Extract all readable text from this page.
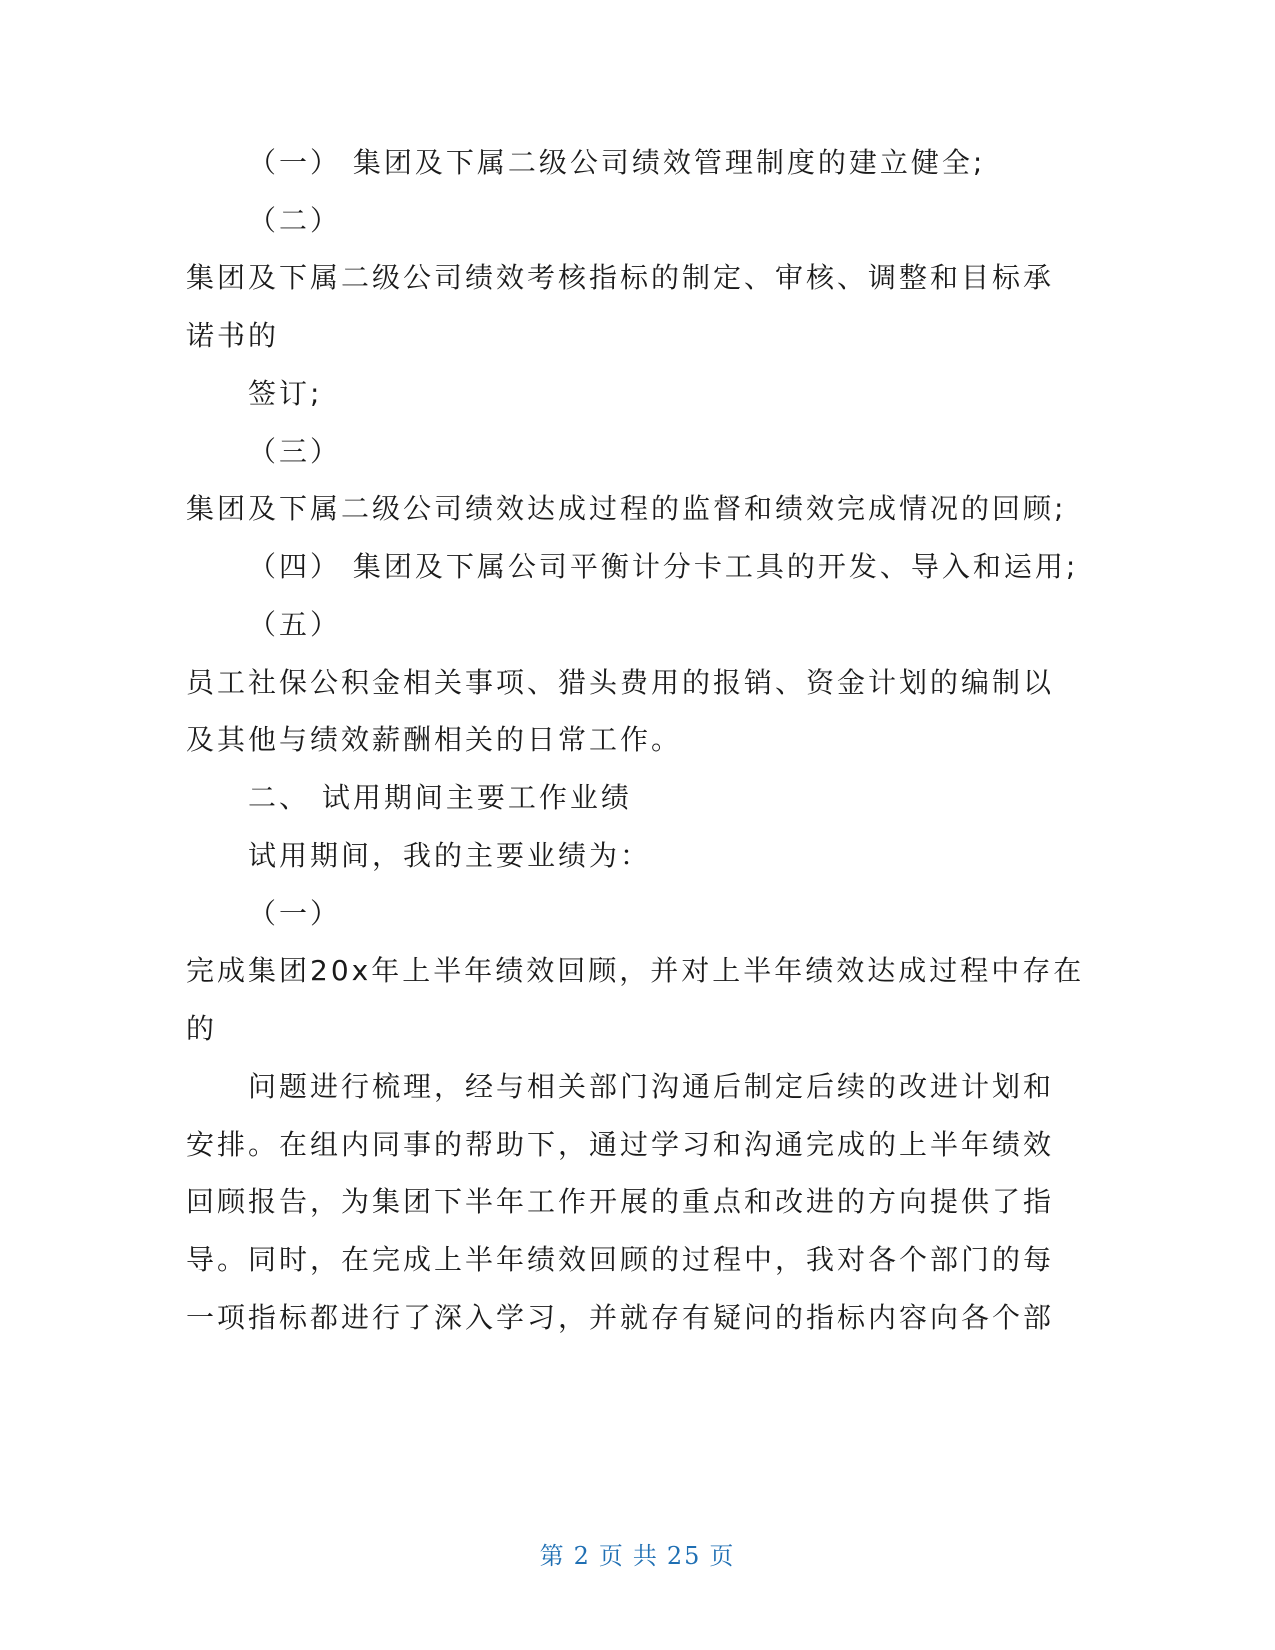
（一） 集团及下属二级公司绩效管理制度的建立健全;
（二）
集团及下属二级公司绩效考核指标的制定、审核、调整和目标承
诺书的
签订;
（三）
集团及下属二级公司绩效达成过程的监督和绩效完成情况的回顾;
（四） 集团及下属公司平衡计分卡工具的开发、导入和运用;
（五）
员工社保公积金相关事项、猎头费用的报销、资金计划的编制以
及其他与绩效薪酬相关的日常工作。
二、 试用期间主要工作业绩
试用期间，我的主要业绩为：
（一）
完成集团20x年上半年绩效回顾，并对上半年绩效达成过程中存在
的
问题进行梳理，经与相关部门沟通后制定后续的改进计划和
安排。在组内同事的帮助下，通过学习和沟通完成的上半年绩效
回顾报告，为集团下半年工作开展的重点和改进的方向提供了指
导。同时，在完成上半年绩效回顾的过程中，我对各个部门的每
一项指标都进行了深入学习，并就存有疑问的指标内容向各个部
第 2 页 共 25 页
